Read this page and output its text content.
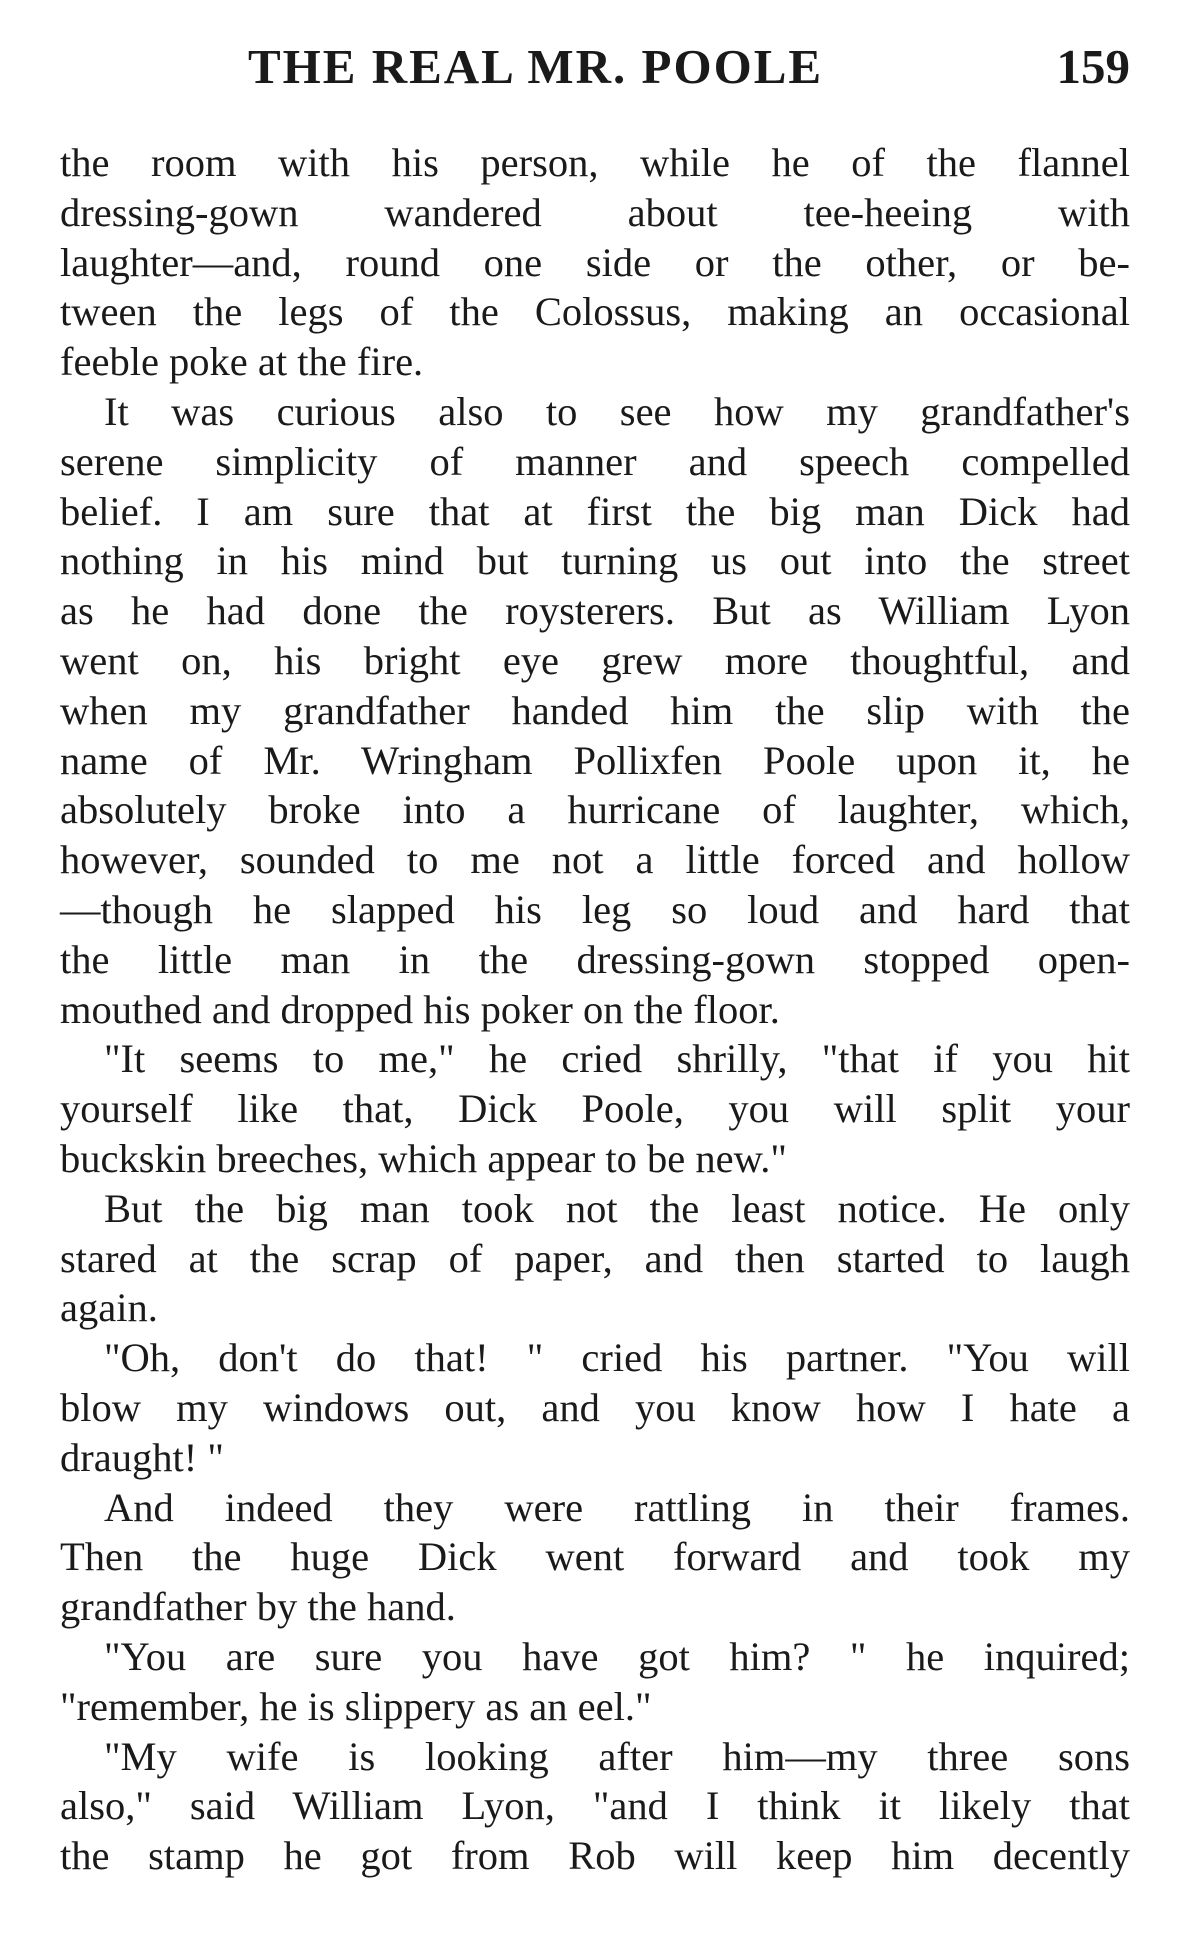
THE REAL MR. POOLE	159
the room with his person, while he of the flannel
dressing-gown wandered about tee-heeing with
laughter—and, round one side or the other, or be-
tween the legs of the Colossus, making an occasional
feeble poke at the fire.
It was curious also to see how my grandfather's
serene simplicity of manner and speech compelled
belief. I am sure that at first the big man Dick had
nothing in his mind but turning us out into the street
as he had done the roysterers. But as William Lyon
went on, his bright eye grew more thoughtful, and
when my grandfather handed him the slip with the
name of Mr. Wringham Pollixfen Poole upon it, he
absolutely broke into a hurricane of laughter, which,
however, sounded to me not a little forced and hollow
—though he slapped his leg so loud and hard that
the little man in the dressing-gown stopped open-
mouthed and dropped his poker on the floor.
"It seems to me," he cried shrilly, "that if you hit
yourself like that, Dick Poole, you will split your
buckskin breeches, which appear to be new."
But the big man took not the least notice. He only
stared at the scrap of paper, and then started to laugh
again.
"Oh, don't do that! " cried his partner. "You will
blow my windows out, and you know how I hate a
draught! "
And indeed they were rattling in their frames.
Then the huge Dick went forward and took my
grandfather by the hand.
"You are sure you have got him? " he inquired;
"remember, he is slippery as an eel."
"My wife is looking after him—my three sons
also," said William Lyon, "and I think it likely that
the stamp he got from Rob will keep him decently
